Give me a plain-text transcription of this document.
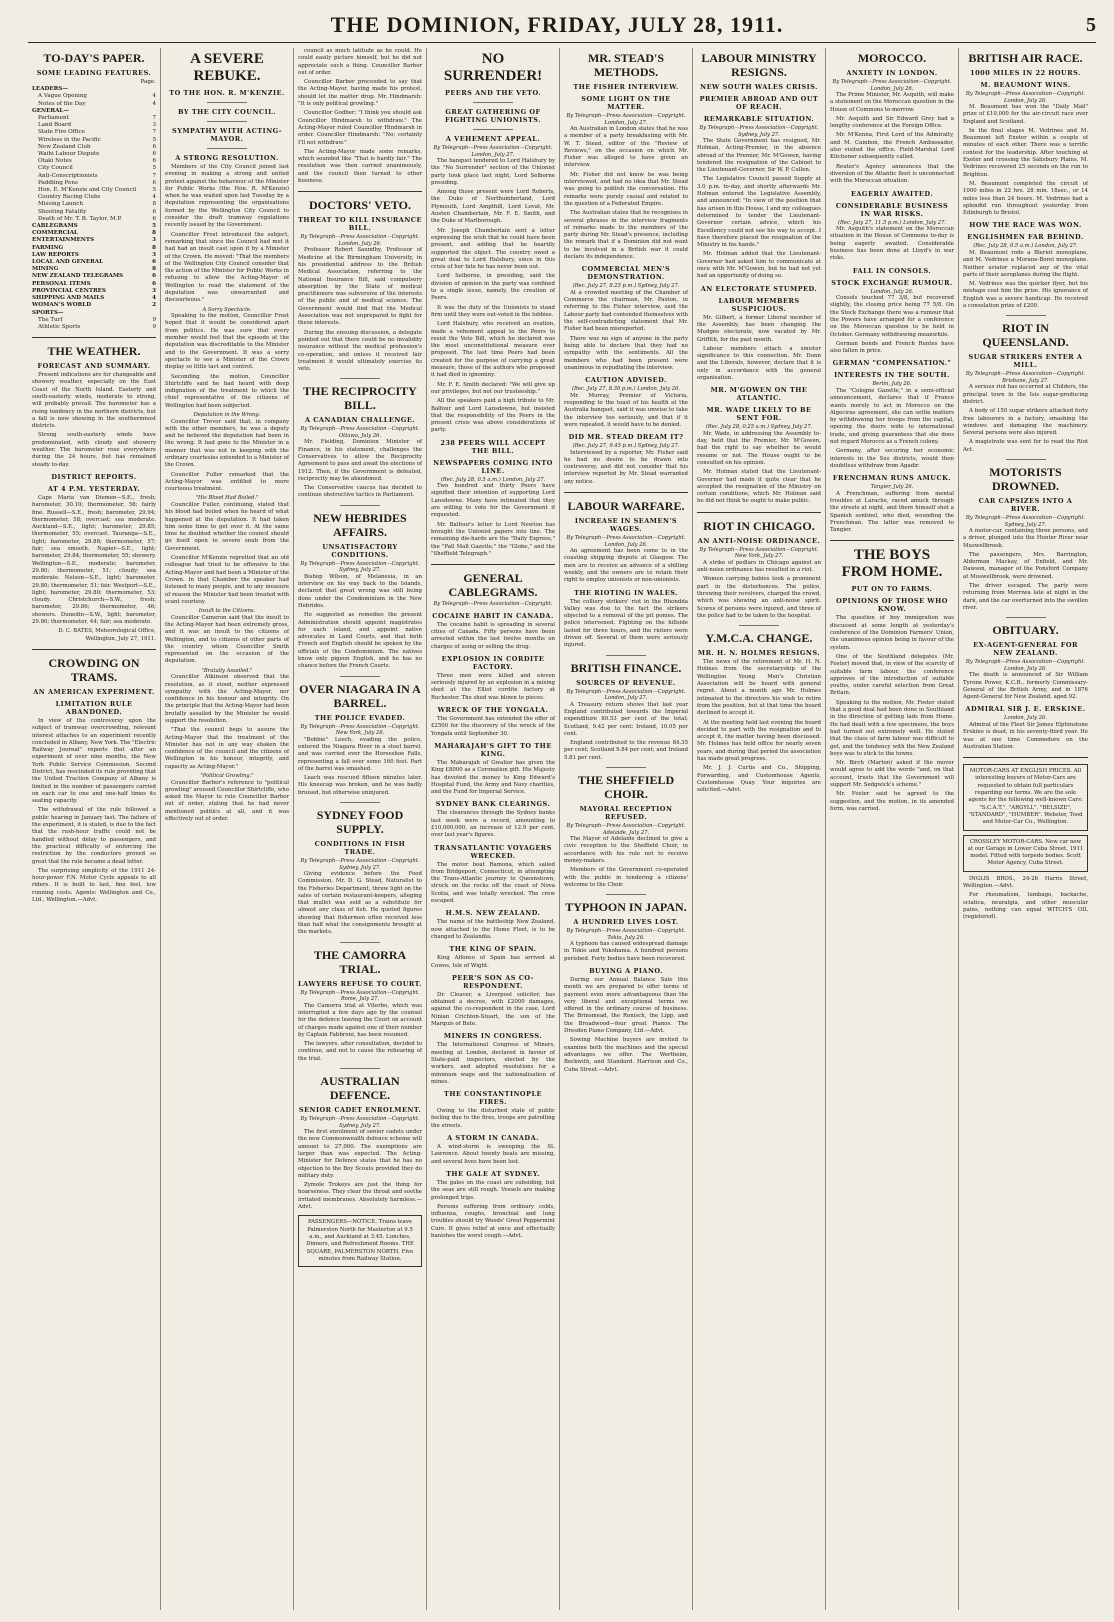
THE DOMINION, FRIDAY, JULY 28, 1911.	5
TO-DAY'S PAPER.
SOME LEADING FEATURES.
Page.
LEADERS—
A Vague Opening	4
Notes of the Day	4
GENERAL—
Parliament	7
Land Board	3
State Fire Office	7
Wireless in the Pacific	5
New Zealand Club	6
Waihi Labour Dispute	6
Otaki Notes	6
City Council	5
Anti-Conscriptionists	7
Paddling Pens	6
Hon. E. M'Kenzie and City Council	5
Country Racing Clubs	4
Missing Launch	8
Shooting Fatality	6
Death of Mr. T. B. Taylor, M.P.	6
CABLEGRAMS	5
COMMERCIAL	8
ENTERTAINMENTS	3
FARMING	8
LAW REPORTS	3
LOCAL AND GENERAL	6
MINING	8
NEW ZEALAND TELEGRAMS	6
PERSONAL ITEMS	6
PROVINCIAL CENTRES	3
SHIPPING AND MAILS	4
WOMAN'S WORLD	2
SPORTS—
The Turf	9
Athletic Sports	9
THE WEATHER.
FORECAST AND SUMMARY.

Present indications are for changeable and showery weather, especially on the East Coast of the North Island. Easterly and south-easterly winds, moderate to strong, will probably prevail. The barometer has a rising tendency in the northern districts, but a fall is now showing in the southernmost districts.

Strong south-easterly winds have predominated, with cloudy and showery weather. The barometer rose everywhere during the 24 hours, but has remained steady to-day.

DISTRICT REPORTS.
AT 4 P.M. YESTERDAY.

Cape Maria van Diemen—S.E., fresh; barometer, 30.10; thermometer, 58; fairly fine. Russell—S.E., fresh; barometer, 29.94; thermometer, 58; overcast; sea moderate. Auckland—S.E., light; barometer, 29.85; thermometer, 55; overcast. Tauranga—S.E., light; barometer, 29.88; thermometer, 57; fair; sea smooth. Napier—S.E., light; barometer, 29.84; thermometer, 55; showery. Wellington—S.E., moderate; barometer, 29.80; thermometer, 51; cloudy; sea moderate. Nelson—S.E., light; barometer, 29.80; thermometer, 51; fair. Westport—S.E., light; barometer, 29.80; thermometer, 53; cloudy. Christchurch—S.W., fresh; barometer, 29.86; thermometer, 46; showers. Dunedin—S.W., light; barometer, 29.80; thermometer, 44; fair; sea moderate.

D. C. BATES, Meteorological Office, Wellington, July 27, 1911.

CROWDING ON TRAMS.
AN AMERICAN EXPERIMENT.
LIMITATION RULE ABANDONED.

In view of the controversy upon the subject of tramway overcrowding, relevant interest attaches to an experiment recently concluded in Albany, New York. The "Electric Railway Journal" reports that after an experiment of over nine months, the New York Public Service Commission, Second District, has rescinded its rule providing that the United Traction Company of Albany is limited in the number of passengers carried on each car to one and one-half times its seating capacity.

The withdrawal of the rule followed a public hearing in January last. The failure of the experiment, it is stated, is due to the fact that the rush-hour traffic could not be handled without delay to passengers, and the practical difficulty of enforcing the restriction by the conductors proved so great that the rule became a dead letter.

The surprising simplicity of the 1911 24-hour-power F.N. Motor Cycle appeals to all riders. It is built to last, fine feel, low running costs. Agents: Wellington and Co., Ltd., Wellington.—Advt.

A SEVERE REBUKE.
TO THE HON. R. M'KENZIE.
BY THE CITY COUNCIL.
SYMPATHY WITH ACTING-MAYOR.
A STRONG RESOLUTION.

Members of the City Council joined last evening in making a strong and united protest against the behaviour of the Minister for Public Works (the Hon. R. M'Kenzie) when he was waited upon last Tuesday by a deputation representing the organisations formed by the Wellington City Council to consider the draft tramway regulations recently issued by the Government.

Councillor Frost introduced the subject, remarking that since the Council had met it had had an insult cast upon it by a Minister of the Crown. He moved: "That the members of the Wellington City Council consider that the action of the Minister for Public Works in refusing to allow the Acting-Mayor of Wellington to read the statement of the deputation was unwarranted and discourteous."

A Sorry Spectacle.

Speaking to the motion, Councillor Frost hoped that it would be considered apart from politics. He was sure that every member would feel that the episode at the deputation was discreditable to the Minister and to the Government. It was a sorry spectacle to see a Minister of the Crown display so little tact and control.

Seconding the motion, Councillor Shirtcliffe said he had heard with deep indignation of the treatment to which the chief representative of the citizens of Wellington had been subjected.

Deputation in the Wrong.

Councillor Trevor said that, in company with the other members, he was a deputy and he believed the deputation had been in the wrong. It had gone to the Minister in a manner that was not in keeping with the ordinary courtesies extended to a Minister of the Crown.

Councillor Fuller remarked that the Acting-Mayor was entitled to more courteous treatment.

"His Blood Had Boiled."

Councillor Fuller, continuing, stated that his blood had boiled when he heard of what happened at the deputation. It had taken him some time to get over it. At the same time he doubted whether the council should go itself open to severe snub from the Government.

Councillor M'Kenzie regretted that an old colleague had tried to be offensive to the Acting-Mayor and had been a Minister of the Crown. In that Chamber the speaker had listened to many people, and to any measure of reason the Minister had been treated with scant courtesy.

Insult to the Citizens.

Councillor Cameron said that the insult to the Acting-Mayor had been extremely gross, and it was an insult to the citizens of Wellington, and to citizens of other parts of the country whom Councillor Smith represented on the occasion of the deputation.

"Brutally Assailed."

Councillor Atkinson observed that the resolution, as it stood, neither expressed sympathy with the Acting-Mayor, nor confidence in his honour and integrity. On the principle that the Acting-Mayor had been brutally assailed by the Minister he would support the resolution.

"That the council begs to assure the Acting-Mayor that the treatment of the Minister has not in any way shaken the confidence of the council and the citizens of Wellington in his honour, integrity, and capacity as Acting-Mayor."

"Political Growling."

Councillor Barber's reference to "political growling" aroused Councillor Shirtcliffe, who asked the Mayor to rule Councillor Barber out of order, stating that he had never mentioned politics at all, and it was effectively out of order.

council as much latitude as he could. He could easily picture himself, but he did not appreciate such a thing. Councillor Barber out of order.

Councillor Barber proceeded to say that the Acting-Mayor, having made his protest, should let the matter drop. Mr. Hindmarsh: "It is only political growling."

Councillor Godber: "I think you should ask Councillor Hindmarsh to withdraw." The Acting-Mayor ruled Councillor Hindmarsh in order. Councillor Hindmarsh: "No; certainly I'll not withdraw."

The Acting-Mayor made some remarks, which sounded like "That is hardly fair." The resolution was then carried unanimously, and the council then turned to other business.

DOCTORS' VETO.
THREAT TO KILL INSURANCE BILL.
By Telegraph—Press Association—Copyright. London, July 26.

Professor Robert Saundby, Professor of Medicine at the Birmingham University, in his presidential address to the British Medical Association, referring to the National Insurance Bill, said compulsory absorption by the State of medical practitioners was subversive of the interests of the public and of medical science. The Government would find that the Medical Association was not unprepared to fight for these interests.

During the ensuing discussion, a delegate pointed out that there could be no invalidity insurance without the medical profession's co-operation, and unless it received fair treatment it would ultimately exercise its veto.

THE RECIPROCITY BILL.
A CANADIAN CHALLENGE.
By Telegraph—Press Association—Copyright. Ottawa, July 26.

Mr. Fielding, Dominion Minister of Finance, in his statement, challenges the Conservatives to allow the Reciprocity Agreement to pass and await the elections of 1912. Then, if the Government is defeated, reciprocity may be abandoned.

The Conservative caucus has decided to continue obstructive tactics in Parliament.

NEW HEBRIDES AFFAIRS.
UNSATISFACTORY CONDITIONS.
By Telegraph—Press Association—Copyright. Sydney, July 27.

Bishop Wilson, of Melanesia, in an interview on his way back to the Islands, declared that great wrong was still being done under the Condominium in the New Hebrides.

He suggested as remedies the present Administration should appoint magistrates for each island, and appoint native advocates in Land Courts, and that both French and English should be spoken by the officials of the Condominium. The natives know only pigeon English, and he has no chance before the French Courts.

OVER NIAGARA IN A BARREL.
THE POLICE EVADED.
By Telegraph—Press Association—Copyright. New York, July 26.

"Bobbie" Leech, evading the police, entered the Niagara River in a steel barrel, and was carried over the Horseshoe Falls, representing a fall over some 160 feet. Part of the barrel was smashed.

Leach was rescued fifteen minutes later. His kneecap was broken, and he was badly bruised, but otherwise uninjured.

SYDNEY FOOD SUPPLY.
CONDITIONS IN FISH TRADE.
By Telegraph—Press Association—Copyright. Sydney, July 27.

Giving evidence before the Food Commission, Mr. D. G. Stead, Naturalist to the Fisheries Department, threw light on the sales of certain restaurant-keepers, alleging that mullet was sold as a substitute for almost any class of fish. He quoted figures showing that fishermen often received less than half what the consignments brought at the markets.

THE CAMORRA TRIAL.
LAWYERS REFUSE TO COURT.
By Telegraph—Press Association—Copyright. Rome, July 27.

The Camorra trial at Viterbo, which was interrupted a few days ago by the counsel for the defence leaving the Court on account of charges made against one of their number by Captain Fabbroni, has been resumed.

The lawyers, after consultation, decided to continue, and not to cause the rehearing of the trial.

AUSTRALIAN DEFENCE.
SENIOR CADET ENROLMENT.
By Telegraph—Press Association—Copyright. Sydney, July 27.

The first enrolment of senior cadets under the new Commonwealth defence scheme will amount to 27,000. The exemptions are larger than was expected. The Acting-Minister for Defence states that he has no objection to the Boy Scouts provided they do military duty.

Zymole Trokeys are just the thing for hoarseness. They clear the throat and soothe irritated membranes. Absolutely harmless.—Advt.

PASSENGERS—NOTICE. Trains leave Palmerston North for Masterton at 9.5 a.m., and Auckland at 3.45. Lunches, Dinners, and Refreshment Rooms. THE SQUARE, PALMERSTON NORTH. Five minutes from Railway Station.
NO SURRENDER!
PEERS AND THE VETO.
GREAT GATHERING OF FIGHTING UNIONISTS.
A VEHEMENT APPEAL.
By Telegraph—Press Association—Copyright. London, July 27.

The banquet tendered to Lord Halsbury by the "No Surrender" section of the Unionist party took place last night, Lord Selborne presiding.

Among those present were Lord Roberts, the Duke of Northumberland, Lord Plymouth, Lord Ampthill, Lord Lovat, Mr. Austen Chamberlain, Mr. F. E. Smith, and the Duke of Marlborough.

Mr. Joseph Chamberlain sent a letter expressing the wish that he could have been present, and adding that he heartily supported the object. The country owed a great deal to Lord Halsbury, since in this crisis of her fate he has never been out.

Lord Selborne, in presiding, said the division of opinion in the party was confined to a single issue, namely, the creation of Peers.

It was the duty of the Unionists to stand firm until they were out-voted in the lobbies.

Lord Halsbury, who received an ovation, made a vehement appeal to the Peers to resist the Veto Bill, which he declared was the most unconstitutional measure ever proposed. The last time Peers had been created for the purpose of carrying a great measure, those of the authors who proposed it had died in ignominy.

Mr. F. E. Smith declared: "We will give up our privileges, but not our trusteeship."

All the speakers paid a high tribute to Mr. Balfour and Lord Lansdowne, but insisted that the responsibility of the Peers in the present crisis was above considerations of party.

238 PEERS WILL ACCEPT THE BILL.
NEWSPAPERS COMING INTO LINE.
(Rec. July 28, 0.5 a.m.) London, July 27.

Two hundred and thirty Peers have signified their intention of supporting Lord Lansdowne. Many have intimated that they are willing to vote for the Government if requested.

Mr. Balfour's letter to Lord Newton has brought the Unionist papers into line. The remaining die-hards are the "Daily Express," the "Pall Mall Gazette," the "Globe," and the "Sheffield Telegraph."

GENERAL CABLEGRAMS.
By Telegraph—Press Association—Copyright.
COCAINE HABIT IN CANADA.

The cocaine habit is spreading in several cities of Canada. Fifty persons have been arrested within the last twelve months on charges of using or selling the drug.

EXPLOSION IN CORDITE FACTORY.

Three men were killed and eleven seriously injured by an explosion in a mixing shed at the Elliot cordite factory at Rochester. The shed was blown to pieces.

WRECK OF THE YONGALA.

The Government has extended the offer of £2500 for the discovery of the wreck of the Yongala until September 30.

MAHARAJAH'S GIFT TO THE KING.

The Maharajah of Gwalior has given the King £8000 as a Coronation gift. His Majesty has devoted the money to King Edward's Hospital Fund, the Army and Navy charities, and the Fund for Imperial Service.

SYDNEY BANK CLEARINGS.

The clearances through the Sydney banks last week were a record, amounting to £10,000,000, an increase of 12.9 per cent. over last year's figures.

TRANSATLANTIC VOYAGERS WRECKED.

The motor boat Ramona, which sailed from Bridgeport, Connecticut, in attempting the Trans-Atlantic journey to Queenstown, struck on the rocks off the coast of Nova Scotia, and was totally wrecked. The crew escaped.

H.M.S. NEW ZEALAND.

The name of the battleship New Zealand, now attached to the Home Fleet, is to be changed to Zealandia.

THE KING OF SPAIN.

King Alfonso of Spain has arrived at Cowes, Isle of Wight.

PEER'S SON AS CO-RESPONDENT.

Dr. Cleaver, a Liverpool solicitor, has obtained a decree, with £2000 damages, against the co-respondent in the case, Lord Ninian Crichton-Stuart, the son of the Marquis of Bute.

MINERS IN CONGRESS.

The International Congress of Miners, meeting at London, declared in favour of State-paid inspectors, elected by the workers, and adopted resolutions for a minimum wage and the nationalisation of mines.

THE CONSTANTINOPLE FIRES.

Owing to the disturbed state of public feeling due to the fires, troops are patrolling the streets.

A STORM IN CANADA.

A wind-storm is sweeping the St. Lawrence. About twenty boats are missing, and several lives have been lost.

THE GALE AT SYDNEY.

The gales on the coast are subsiding, but the seas are still rough. Vessels are making prolonged trips.

Persons suffering from ordinary colds, influenza, coughs, bronchial and lung troubles should try Woods' Great Peppermint Cure. It gives relief at once and effectually banishes the worst cough.—Advt.

MR. STEAD'S METHODS.
THE FISHER INTERVIEW.
SOME LIGHT ON THE MATTER.
By Telegraph—Press Association—Copyright. London, July 27.

An Australian in London states that he was a member of a party breakfasting with Mr. W. T. Stead, editor of the "Review of Reviews," on the occasion on which Mr. Fisher was alleged to have given an interview.

Mr. Fisher did not know he was being interviewed, and had no idea that Mr. Stead was going to publish the conversation. His remarks were purely casual and related to the question of a Federated Empire.

The Australian states that he recognises in several phrases in the interview fragments of remarks made to the members of the party during Mr. Stead's presence, including the remark that if a Dominion did not want to be involved in a British war it could declare its independence.

COMMERCIAL MEN'S DEMONSTRATION.
(Rec. July 27, 8.25 p.m.) Sydney, July 27.

At a crowded meeting of the Chamber of Commerce the chairman, Mr. Paxton, in referring to the Fisher interview, said the Labour party had contended themselves with the self-contradicting statement that Mr. Fisher had been misreported.

There was no sign of anyone in the party being able to declare that they had no sympathy with the sentiments. All the members who had been present were unanimous in repudiating the interview.

CAUTION ADVISED.
(Rec. July 27, 8.30 p.m.) London, July 26.

Mr. Murray, Premier of Victoria, responding to the toast of his health at the Australia banquet, said it was unwise to take the interview too seriously, and that if it were repeated, it would have to be denied.

DID MR. STEAD DREAM IT?
(Rec. July 27, 9.45 p.m.) Sydney, July 27.

Interviewed by a reporter, Mr. Fisher said he had no desire to be drawn into controversy, and did not consider that his interview reported by Mr. Stead warranted any notice.

LABOUR WARFARE.
INCREASE IN SEAMEN'S WAGES.
By Telegraph—Press Association—Copyright. London, July 26.

An agreement has been come to in the coasting shipping dispute at Glasgow. The men are to receive an advance of a shilling weekly, and the owners are to retain their right to employ unionists or non-unionists.

THE RIOTING IN WALES.

The colliery strikers' riot in the Rhondda Valley was due to the fact the strikers objected to a removal of the pit ponies. The police intervened. Fighting on the hillside lasted for three hours, and the rioters were driven off. Several of them were seriously injured.

BRITISH FINANCE.
SOURCES OF REVENUE.
By Telegraph—Press Association—Copyright. London, July 27.

A Treasury return shows that last year England contributed towards the Imperial expenditure 80.53 per cent of the total; Scotland, 9.42 per cent; Ireland, 10.05 per cent.

England contributed to the revenue 84.35 per cent; Scotland 9.84 per cent; and Ireland 5.81 per cent.

THE SHEFFIELD CHOIR.
MAYORAL RECEPTION REFUSED.
By Telegraph—Press Association—Copyright. Adelaide, July 27.

The Mayor of Adelaide declined to give a civic reception to the Sheffield Choir, in accordance with his rule not to receive money-makers.

Members of the Government co-operated with the public in tendering a citizens' welcome to the Choir.

TYPHOON IN JAPAN.
A HUNDRED LIVES LOST.
By Telegraph—Press Association—Copyright. Tokio, July 26.

A typhoon has caused widespread damage in Tokio and Yokohama. A hundred persons perished. Forty bodies have been recovered.

BUYING A PIANO.

During our Annual Balance Sale this month we are prepared to offer terms of payment even more advantageous than the very liberal and exceptional terms we offered in the ordinary course of business. The Brinsmead, the Ronisch, the Lipp, and the Broadwood—four great Pianos. The Dresden Piano Company, Ltd.—Advt.

Sowing Machine buyers are invited to examine both the machines and the special advantages we offer. The Wertheim, Beckwith, and Standard. Harrison and Co., Cuba Street.—Advt.

LABOUR MINISTRY RESIGNS.
NEW SOUTH WALES CRISIS.
PREMIER ABROAD AND OUT OF REACH.
REMARKABLE SITUATION.
By Telegraph—Press Association—Copyright. Sydney, July 27.

The State Government has resigned, Mr. Holman, Acting-Premier, in the absence abroad of the Premier, Mr. M'Gowen, having tendered the resignation of the Cabinet to the Lieutenant-Governor, Sir W. P. Cullen.

The Legislative Council passed Supply at 3.0 p.m. to-day, and shortly afterwards Mr. Holman entered the Legislative Assembly, and announced: "In view of the position that has arisen in this House, I and my colleagues determined to tender the Lieutenant-Governor certain advice, which his Excellency could not see his way to accept. I have therefore placed the resignation of the Ministry in his hands."

Mr. Holman added that the Lieutenant-Governor had asked him to communicate at once with Mr. M'Gowen, but he had not yet had an opportunity of doing so.

AN ELECTORATE STUMPED.
LABOUR MEMBERS SUSPICIOUS.

Mr. Gilbert, a former Liberal member of the Assembly, has been changing the Mudgee electorate, now vacated by Mr. Griffith, for the past month.

Labour members attach a sinister significance to this connection. Mr. Dunn and the Liberals, however, declare that it is only in accordance with the general organisation.

MR. M'GOWEN ON THE ATLANTIC.
MR. WADE LIKELY TO BE SENT FOR.
(Rec. July 28, 0.25 a.m.) Sydney, July 27.

Mr. Wade, in addressing the Assembly to-day, held that the Premier, Mr. M'Gowen, had the right to say whether he would resume or not. The House ought to be consulted on his opinion.

Mr. Holman stated that the Lieutenant-Governor had made it quite clear that he accepted the resignation of the Ministry on certain conditions, which Mr. Holman said he did not think he ought to make public.

RIOT IN CHICAGO.
AN ANTI-NOISE ORDINANCE.
By Telegraph—Press Association—Copyright. New York, July 27.

A strike of pedlars in Chicago against an anti-noise ordinance has resulted in a riot.

Women carrying babies took a prominent part in the disturbances. The police, throwing their revolvers, charged the crowd, which was showing an anti-noise spirit. Scores of persons were injured, and three of the police had to be taken to the hospital.

Y.M.C.A. CHANGE.
MR. H. N. HOLMES RESIGNS.

The news of the retirement of Mr. H. N. Holmes from the secretaryship of the Wellington Young Men's Christian Association will be heard with general regret. About a month ago Mr. Holmes intimated to the directors his wish to retire from the position, but at that time the board declined to accept it.

At the meeting held last evening the board decided to part with the resignation and to accept it, the matter having been discussed. Mr. Holmes has held office for nearly seven years, and during that period the association has made great progress.

Mr. J. J. Curtis and Co., Shipping, Forwarding, and Customhouse Agents, Customhouse Quay. Your inquiries are solicited.—Advt.

MOROCCO.
ANXIETY IN LONDON.
By Telegraph—Press Association—Copyright. London, July 26.

The Prime Minister, Mr. Asquith, will make a statement on the Moroccan question in the House of Commons to-morrow.

Mr. Asquith and Sir Edward Grey had a lengthy conference at the Foreign Office.

Mr. M'Kenna, First Lord of the Admiralty, and M. Cambon, the French Ambassador, also visited the office. Field-Marshal Lord Kitchener subsequently called.

Reuter's Agency announces that the diversion of the Atlantic fleet is unconnected with the Moroccan situation.

EAGERLY AWAITED.
CONSIDERABLE BUSINESS IN WAR RISKS.
(Rec. July 27, 11.5 p.m.) London, July 27.

Mr. Asquith's statement on the Moroccan situation in the House of Commons to-day is being eagerly awaited. Considerable business has been done at Lloyd's in war risks.

FALL IN CONSOLS.
STOCK EXCHANGE RUMOUR.
London, July 26.

Consols touched 77 3/8, but recovered slightly, the closing price being 77 5/8. On the Stock Exchange there was a rumour that the Powers have arranged for a conference on the Moroccan question to be held in October. Germany withdrawing meanwhile.

German bonds and French Rentes have also fallen in price.

GERMAN "COMPENSATION."
INTERESTS IN THE SOUTH.
Berlin, July 26.

The "Cologne Gazette," in a semi-official announcement, declares that if France wants merely to act in Morocco on the Algeciras agreement, she can settle matters by withdrawing her troops from the capital, opening the doors wide to international trade, and giving guarantees that she does not regard Morocco as a French colony.

Germany, after securing her economic interests in the Sus districts, would then doubtless withdraw from Agadir.

FRENCHMAN RUNS AMUCK.
Tangier, July 26.

A Frenchman, suffering from mental troubles at Larache, raced amuck through the streets at night, and there himself shot a Spanish sentinel, who died, wounding the Frenchman. The latter was removed to Tangier.

THE BOYS FROM HOME.
PUT ON TO FARMS.
OPINIONS OF THOSE WHO KNOW.

The question of boy immigration was discussed at some length at yesterday's conference of the Dominion Farmers' Union, the unanimous opinion being in favour of the system.

One of the Southland delegates (Mr. Foster) moved that, in view of the scarcity of suitable farm labour, the conference approves of the introduction of suitable youths, under careful selection from Great Britain.

Speaking to the motion, Mr. Foster stated that a good deal had been done in Southland in the direction of getting lads from Home. He had dealt with a few specimens, the boys had turned out extremely well. He stated that the class of farm labour was difficult to get, and the tendency with the New Zealand boys was to stick to the towns.

Mr. Birch (Marton) asked if the mover would agree to add the words "and, on that account, trusts that the Government will support Mr. Sedgwick's scheme."

Mr. Foster said he agreed to the suggestion, and the motion, in its amended form, was carried.

BRITISH AIR RACE.
1000 MILES IN 22 HOURS.
M. BEAUMONT WINS.
By Telegraph—Press Association—Copyright. London, July 26.

M. Beaumont has won the "Daily Mail" prize of £10,000 for the air-circuit race over England and Scotland.

In the final stages M. Vedrines and M. Beaumont left Exeter within a couple of minutes of each other. There was a terrific contest for the leadership. After touching at Exeter and crossing the Salisbury Plains, M. Vedrines recovered 25 seconds on the run to Brighton.

M. Beaumont completed the circuit of 1000 miles in 22 hrs. 28 min. 18sec., or 14 miles less than 24 hours. M. Vedrines had a splendid run throughout yesterday from Edinburgh to Bristol.

HOW THE RACE WAS WON.
ENGLISHMEN FAR BEHIND.
(Rec. July 28, 0.5 a.m.) London, July 27.

M. Beaumont rode a Bleriot monoplane, and M. Vedrines a Morane-Borel monoplane. Neither aviator replaced any of the vital parts of their aeroplanes during the flight.

M. Vedrines was the quicker flyer, but his mishaps cost him the prize. His ignorance of English was a severe handicap. He received a consolation prize of £200.

RIOT IN QUEENSLAND.
SUGAR STRIKERS ENTER A MILL.
By Telegraph—Press Association—Copyright. Brisbane, July 27.

A serious riot has occurred at Childers, the principal town in the Isis sugar-producing district.

A body of 150 sugar strikers attacked forty free labourers in a factory, smashing the windows and damaging the machinery. Several persons were also injured.

A magistrate was sent for to read the Riot Act.

MOTORISTS DROWNED.
CAR CAPSIZES INTO A RIVER.
By Telegraph—Press Association—Copyright. Sydney, July 27.

A motor-car, containing three persons, and a driver, plunged into the Hunter River near Muswellbrook.

The passengers, Mrs. Barrington, Alderman Mackay, of Enfield, and Mr. Dawson, manager of the Ponsford Company at Muswellbrook, were drowned.

The driver escaped. The party were returning from Merriwa late at night in the dark, and the car overturned into the swollen river.

OBITUARY.
EX-AGENT-GENERAL FOR NEW ZEALAND.
By Telegraph—Press Association—Copyright. London, July 26.

The death is announced of Sir William Tyrone Power, K.C.B., formerly Commissary-General of the British Army, and in 1876 Agent-General for New Zealand, aged 92.

ADMIRAL SIR J. E. ERSKINE.
London, July 26.

Admiral of the Fleet Sir James Elphinstone Erskine is dead, in his seventy-third year. He was at one time Commodore on the Australian Station.

MOTOR-CARS AT ENGLISH PRICES. All interesting buyers of Motor-Cars are requested to obtain full particulars regarding our terms. We are the sole agents for the following well-known Cars: "S.C.A.T.", "ARGYLL", "BELSIZE", "STANDARD", "HUMBER". Webster, Tood and Motor-Car Co., Wellington.
CROSSLEY MOTOR-CARS. New car now at our Garage in Lower Cuba Street, 1911 model. Fitted with torpedo bodies. Scott Motor Agency, Cuba Street.

INGLIS BROS., 24-26 Harris Street, Wellington.—Advt.

For rheumatism, lumbago, backache, sciatica, neuralgia, and other muscular pains, nothing can equal WITCH'S OIL (registered).
